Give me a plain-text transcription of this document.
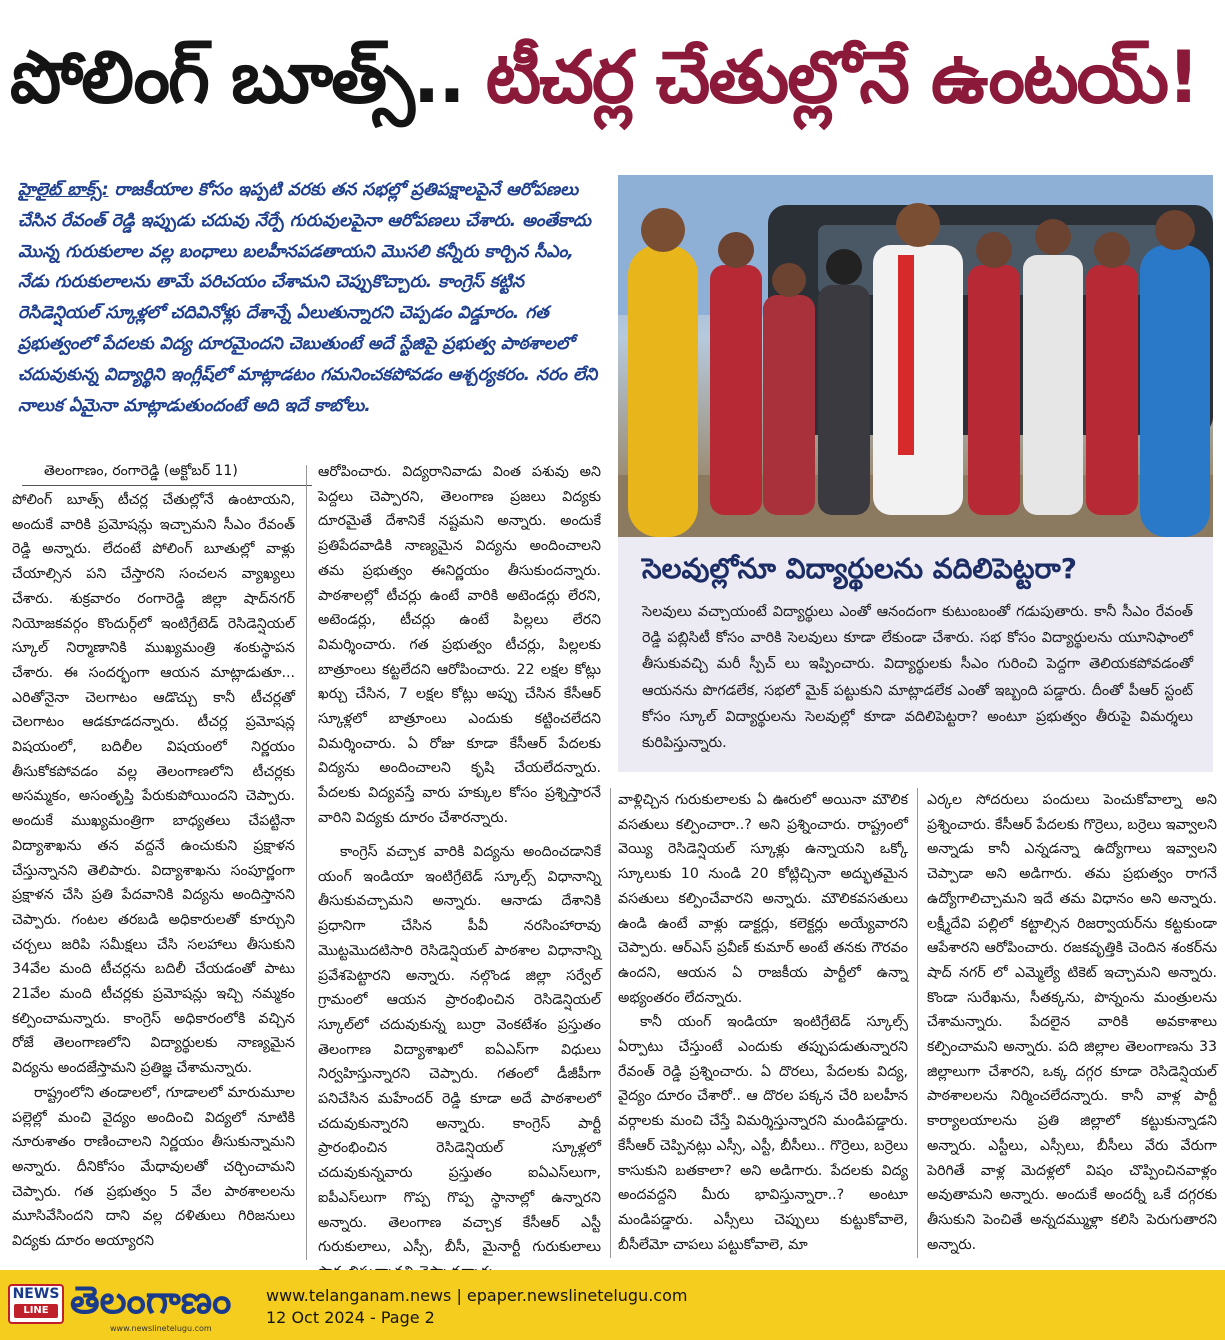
పోలింగ్ బూత్స్.. టీచర్ల చేతుల్లోనే ఉంటయ్!
హైలైట్ బాక్స్: రాజకీయాల కోసం ఇప్పటి వరకు తన సభల్లో ప్రతిపక్షాలపైనే ఆరోపణలు చేసిన రేవంత్ రెడ్డి ఇప్పుడు చదువు నేర్పే గురువులపైనా ఆరోపణలు చేశారు. అంతేకాదు మొన్న గురుకులాల వల్ల బంధాలు బలహీనపడతాయని మొసలి కన్నీరు కార్చిన సీఎం, నేడు గురుకులాలను తామే పరిచయం చేశామని చెప్పుకొచ్చారు. కాంగ్రెస్ కట్టిన రెసిడెన్షియల్ స్కూళ్లలో చదివినోళ్లు దేశాన్నే ఏలుతున్నారని చెప్పడం విడ్డూరం. గత ప్రభుత్వంలో పేదలకు విద్య దూరమైందని చెబుతుంటే అదే స్టేజిపై ప్రభుత్వ పాఠశాలలో చదువుకున్న విద్యార్థిని ఇంగ్లీష్‌లో మాట్లాడటం గమనించకపోవడం ఆశ్చర్యకరం. నరం లేని నాలుక ఏమైనా మాట్లాడుతుందంటే అది ఇదే కాబోలు.
తెలంగాణం, రంగారెడ్డి (అక్టోబర్ 11)

పోలింగ్ బూత్స్ టీచర్ల చేతుల్లోనే ఉంటాయని, అందుకే వారికి ప్రమోషన్లు ఇచ్చామని సీఎం రేవంత్ రెడ్డి అన్నారు. లేదంటే పోలింగ్ బూతుల్లో వాళ్లు చేయాల్సిన పని చేస్తారని సంచలన వ్యాఖ్యలు చేశారు. శుక్రవారం రంగారెడ్డి జిల్లా షాద్‌నగర్ నియోజకవర్గం కొందుర్గ్‌లో ఇంటిగ్రేటెడ్ రెసిడెన్షియల్ స్కూల్ నిర్మాణానికి ముఖ్యమంత్రి శంకుస్థాపన చేశారు. ఈ సందర్భంగా ఆయన మాట్లాడుతూ... ఎరితోనైనా చెలగాటం ఆడొచ్చు కానీ టీచర్లతో చెలగాటం ఆడకూడదన్నారు. టీచర్ల ప్రమోషన్ల విషయంలో, బదిలీల విషయంలో నిర్ణయం తీసుకోకపోవడం వల్ల తెలంగాణలోని టీచర్లకు అసమ్మకం, అసంతృప్తి పేరుకుపోయిందని చెప్పారు. అందుకే ముఖ్యమంత్రిగా బాధ్యతలు చేపట్టినా విద్యాశాఖను తన వద్దనే ఉంచుకుని ప్రక్షాళన చేస్తున్నానని తెలిపారు. విద్యాశాఖను సంపూర్ణంగా ప్రక్షాళన చేసి ప్రతి పేదవానికి విద్యను అందిస్తానని చెప్పారు. గంటల తరబడి అధికారులతో కూర్చుని చర్చలు జరిపి సమీక్షలు చేసి సలహాలు తీసుకుని 34వేల మంది టీచర్లను బదిలీ చేయడంతో పాటు 21వేల మంది టీచర్లకు ప్రమోషన్లు ఇచ్చి నమ్మకం కల్పించామన్నారు. కాంగ్రెస్ అధికారంలోకి వచ్చిన రోజే తెలంగాణలోని విద్యార్థులకు నాణ్యమైన విద్యను అందజేస్తామని ప్రతిజ్ఞ చేశామన్నారు.

రాష్ట్రంలోని తండాలలో, గూడాలలో మారుమూల పల్లెల్లో మంచి వైద్యం అందించి విద్యలో నూటికి నూరుశాతం రాణించాలని నిర్ణయం తీసుకున్నామని అన్నారు. దీనికోసం మేధావులతో చర్చించామని చెప్పారు. గత ప్రభుత్వం 5 వేల పాఠశాలలను మూసివేసిందని దాని వల్ల దళితులు గిరిజనులు విద్యకు దూరం అయ్యారని

ఆరోపించారు. విద్యరానివాడు వింత పశువు అని పెద్దలు చెప్పారని, తెలంగాణ ప్రజలు విద్యకు దూరమైతే దేశానికే నష్టమని అన్నారు. అందుకే ప్రతిపేదవాడికి నాణ్యమైన విద్యను అందించాలని తమ ప్రభుత్వం ఈనిర్ణయం తీసుకుందన్నారు. పాఠశాలల్లో టీచర్లు ఉంటే వారికి అటెండర్లు లేరని, అటెండర్లు, టీచర్లు ఉంటే పిల్లలు లేరని విమర్శించారు. గత ప్రభుత్వం టీచర్లు, పిల్లలకు బాత్రూంలు కట్టలేదని ఆరోపించారు. 22 లక్షల కోట్లు ఖర్చు చేసిన, 7 లక్షల కోట్లు అప్పు చేసిన కేసీఆర్ స్కూళ్లలో బాత్రూంలు ఎందుకు కట్టించలేదని విమర్శించారు. ఏ రోజు కూడా కేసీఆర్ పేదలకు విద్యను అందించాలని కృషి చేయలేదన్నారు. పేదలకు విద్యవస్తే వారు హక్కుల కోసం ప్రశ్నిస్తారనే వారిని విద్యకు దూరం చేశారన్నారు.

కాంగ్రెస్ వచ్చాక వారికి విద్యను అందించడానికే యంగ్ ఇండియా ఇంటిగ్రేటెడ్ స్కూల్స్ విధానాన్ని తీసుకువచ్చామని అన్నారు. ఆనాడు దేశానికి ప్రధానిగా చేసిన పీవీ నరసింహారావు మొట్టమొదటిసారి రెసిడెన్షియల్ పాఠశాల విధానాన్ని ప్రవేశపెట్టారని అన్నారు. నల్గొండ జిల్లా సర్వేల్ గ్రామంలో ఆయన ప్రారంభించిన రెసిడెన్షియల్ స్కూల్‌లో చదువుకున్న బుర్రా వెంకటేశం ప్రస్తుతం తెలంగాణ విద్యాశాఖలో ఐఏఎస్‌గా విధులు నిర్వహిస్తున్నారని చెప్పారు. గతంలో డీజీపీగా పనిచేసిన మహేందర్ రెడ్డి కూడా అదే పాఠశాలలో చదువుకున్నారని అన్నారు. కాంగ్రెస్ పార్టీ ప్రారంభించిన రెసిడెన్షియల్ స్కూళ్లలో చదువుకున్నవారు ప్రస్తుతం ఐఏఎస్‌లుగా, ఐపీఎస్‌లుగా గొప్ప గొప్ప స్థానాల్లో ఉన్నారని అన్నారు. తెలంగాణ వచ్చాక కేసీఆర్ ఎస్టీ గురుకులాలు, ఎస్సీ, బీసీ, మైనార్టీ గురుకులాలు

వాళ్లిచ్చిన గురుకులాలకు ఏ ఊరులో అయినా మౌలిక వసతులు కల్పించారా..? అని ప్రశ్నించారు. రాష్ట్రంలో వెయ్యి రెసిడెన్షియల్ స్కూళ్లు ఉన్నాయని ఒక్కో స్కూలుకు 10 నుండి 20 కోట్లిచ్చినా అద్భుతమైన వసతులు కల్పించేవారని అన్నారు. మౌలికవసతులు ఉండి ఉంటే వాళ్లు డాక్టర్లు, కలెక్టర్లు అయ్యేవారని చెప్పారు. ఆర్ఎస్ ప్రవీణ్ కుమార్ అంటే తనకు గౌరవం ఉందని, ఆయన ఏ రాజకీయ పార్టీలో ఉన్నా అభ్యంతరం లేదన్నారు.

కానీ యంగ్ ఇండియా ఇంటిగ్రేటెడ్ స్కూల్స్ ఏర్పాటు చేస్తుంటే ఎందుకు తప్పుపడుతున్నారని రేవంత్ రెడ్డి ప్రశ్నించారు. ఏ దొరలు, పేదలకు విద్య, వైద్యం దూరం చేశారో.. ఆ దొరల పక్కన చేరి బలహీన వర్గాలకు మంచి చేస్తే విమర్శిస్తున్నారని మండిపడ్డారు. కేసీఆర్ చెప్పినట్లు ఎస్సీ, ఎస్టీ, బీసీలు.. గొర్రెలు, బర్రెలు కాసుకుని బతకాలా? అని అడిగారు. పేదలకు విద్య అందవద్దని మీరు భావిస్తున్నారా..? అంటూ మండిపడ్డారు. ఎస్సీలు చెప్పులు కుట్టుకోవాలె, బీసీలేమో చాపలు పట్టుకోవాలె, మా

ఎర్కల సోదరులు పందులు పెంచుకోవాల్నా అని ప్రశ్నించారు. కేసీఆర్ పేదలకు గొర్రెలు, బర్రెలు ఇవ్వాలని అన్నాడు కానీ ఎన్నడన్నా ఉద్యోగాలు ఇవ్వాలని చెప్పాడా అని అడిగారు. తమ ప్రభుత్వం రాగనే ఉద్యోగాలిచ్చామని ఇదే తమ విధానం అని అన్నారు. లక్ష్మీదేవి పల్లిలో కట్టాల్సిన రిజర్వాయర్‌ను కట్టకుండా ఆపేశారని ఆరోపించారు. రజకవృత్తికి చెందిన శంకర్‌ను షాద్ నగర్ లో ఎమ్మెల్యే టికెట్ ఇచ్చామని అన్నారు. కొండా సురేఖను, సీతక్కను, పొన్నంను మంత్రులను చేశామన్నారు. పేదలైన వారికి అవకాశాలు కల్పించామని అన్నారు. పది జిల్లాల తెలంగాణను 33 జిల్లాలుగా చేశారని, ఒక్క దగ్గర కూడా రెసిడెన్షియల్ పాఠశాలలను నిర్మించలేదన్నారు. కానీ వాళ్ల పార్టీ కార్యాలయాలను ప్రతి జిల్లాలో కట్టుకున్నాడని అన్నారు. ఎస్టీలు, ఎస్సీలు, బీసీలు వేరు వేరుగా పెరిగితే వాళ్ల మెదళ్లలో విషం చొప్పించినవాళ్లం అవుతామని అన్నారు. అందుకే అందర్నీ ఒకే దగ్గరకు తీసుకుని పెంచితే అన్నదమ్ముళ్లా కలిసి పెరుగుతారని అన్నారు.

సెలవుల్లోనూ విద్యార్థులను వదిలిపెట్టరా?

సెలవులు వచ్చాయంటే విద్యార్థులు ఎంతో ఆనందంగా కుటుంబంతో గడుపుతారు. కానీ సీఎం రేవంత్ రెడ్డి పబ్లిసిటీ కోసం వారికి సెలవులు కూడా లేకుండా చేశారు. సభ కోసం విద్యార్థులను యూనిఫాంలో తీసుకువచ్చి మరీ స్పీచ్ లు ఇప్పించారు. విద్యార్థులకు సీఎం గురించి పెద్దగా తెలియకపోవడంతో ఆయనను పొగడలేక, సభలో మైక్ పట్టుకుని మాట్లాడలేక ఎంతో ఇబ్బంది పడ్డారు. దీంతో పీఆర్ స్టంట్ కోసం స్కూల్ విద్యార్థులను సెలవుల్లో కూడా వదిలిపెట్టరా? అంటూ ప్రభుత్వం తీరుపై విమర్శలు కురిపిస్తున్నారు.

NEWS
LINE తెలంగాణం
www.newslinetelugu.com
www.telanganam.news | epaper.newslinetelugu.com
12 Oct 2024 - Page 2
